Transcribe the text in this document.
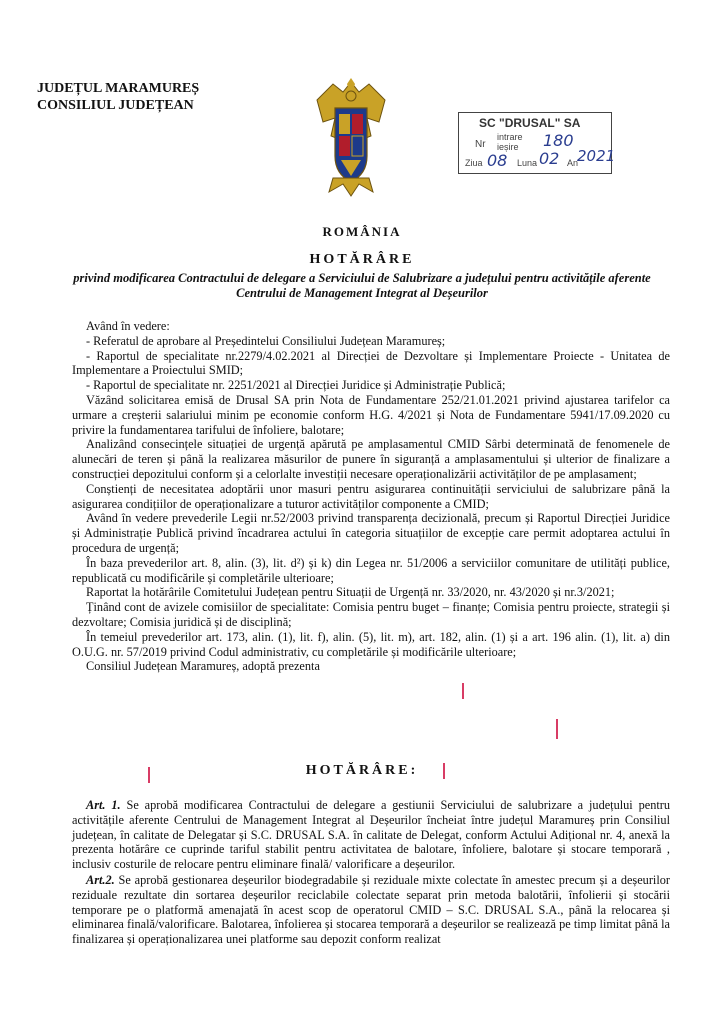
JUDEȚUL MARAMUREȘ
CONSILIUL JUDEȚEAN
SC "DRUSAL" SA
Nr
intrare
ieșire
Ziua	Luna	An
180
08 02 2021
ROMÂNIA
HOTĂRÂRE
privind modificarea Contractului de delegare a Serviciului de Salubrizare a județului pentru activitățile aferente Centrului de Management Integrat al Deșeurilor

Având în vedere:

- Referatul de aprobare al Președintelui Consiliului Județean Maramureș;

- Raportul de specialitate nr.2279/4.02.2021 al Direcției de Dezvoltare și Implementare Proiecte - Unitatea de Implementare a Proiectului SMID;

- Raportul de specialitate nr. 2251/2021 al Direcției Juridice și Administrație Publică;

Văzând solicitarea emisă de Drusal SA prin Nota de Fundamentare 252/21.01.2021 privind ajustarea tarifelor ca urmare a creșterii salariului minim pe economie conform H.G. 4/2021 și Nota de Fundamentare 5941/17.09.2020 cu privire la fundamentarea tarifului de înfoliere, balotare;

Analizând consecințele situației de urgență apărută pe amplasamentul CMID Sârbi determinată de fenomenele de alunecări de teren și până la realizarea măsurilor de punere în siguranță a amplasamentului și ulterior de finalizare a construcției depozitului conform și a celorlalte investiții necesare operaționalizării activităților de pe amplasament;

Conștienți de necesitatea adoptării unor masuri pentru asigurarea continuității serviciului de salubrizare până la asigurarea condițiilor de operaționalizare a tuturor activităților componente a CMID;

Având în vedere prevederile Legii nr.52/2003 privind transparența decizională, precum și Raportul Direcției Juridice și Administrație Publică privind încadrarea actului în categoria situațiilor de excepție care permit adoptarea actului în procedura de urgență;

În baza prevederilor art. 8, alin. (3), lit. d²) și k) din Legea nr. 51/2006 a serviciilor comunitare de utilități publice, republicată cu modificările și completările ulterioare;

Raportat la hotărârile Comitetului Județean pentru Situații de Urgență nr. 33/2020, nr. 43/2020 și nr.3/2021;

Ținând cont de avizele comisiilor de specialitate: Comisia pentru buget – finanțe; Comisia pentru proiecte, strategii și dezvoltare; Comisia juridică și de disciplină;

În temeiul prevederilor art. 173, alin. (1), lit. f), alin. (5), lit. m), art. 182, alin. (1) și a art. 196 alin. (1), lit. a) din O.U.G. nr. 57/2019 privind Codul administrativ, cu completările și modificările ulterioare;

Consiliul Județean Maramureș, adoptă prezenta

HOTĂRÂRE:

Art. 1. Se aprobă modificarea Contractului de delegare a gestiunii Serviciului de salubrizare a județului pentru activitățile aferente Centrului de Management Integrat al Deșeurilor încheiat între județul Maramureș prin Consiliul județean, în calitate de Delegatar și S.C. DRUSAL S.A. în calitate de Delegat, conform Actului Adițional nr. 4, anexă la prezenta hotărâre ce cuprinde tariful stabilit pentru activitatea de balotare, înfoliere, balotare și stocare temporară , inclusiv costurile de relocare pentru eliminare finală/ valorificare a deșeurilor.

Art.2. Se aprobă gestionarea deșeurilor biodegradabile și reziduale mixte colectate în amestec precum și a deșeurilor reziduale rezultate din sortarea deșeurilor reciclabile colectate separat prin metoda balotării, înfolierii și stocării temporare pe o platformă amenajată în acest scop de operatorul CMID – S.C. DRUSAL S.A., până la relocarea și eliminarea finală/valorificare. Balotarea, înfolierea și stocarea temporară a deșeurilor se realizează pe timp limitat până la finalizarea și operaționalizarea unei platforme sau depozit conform realizat
